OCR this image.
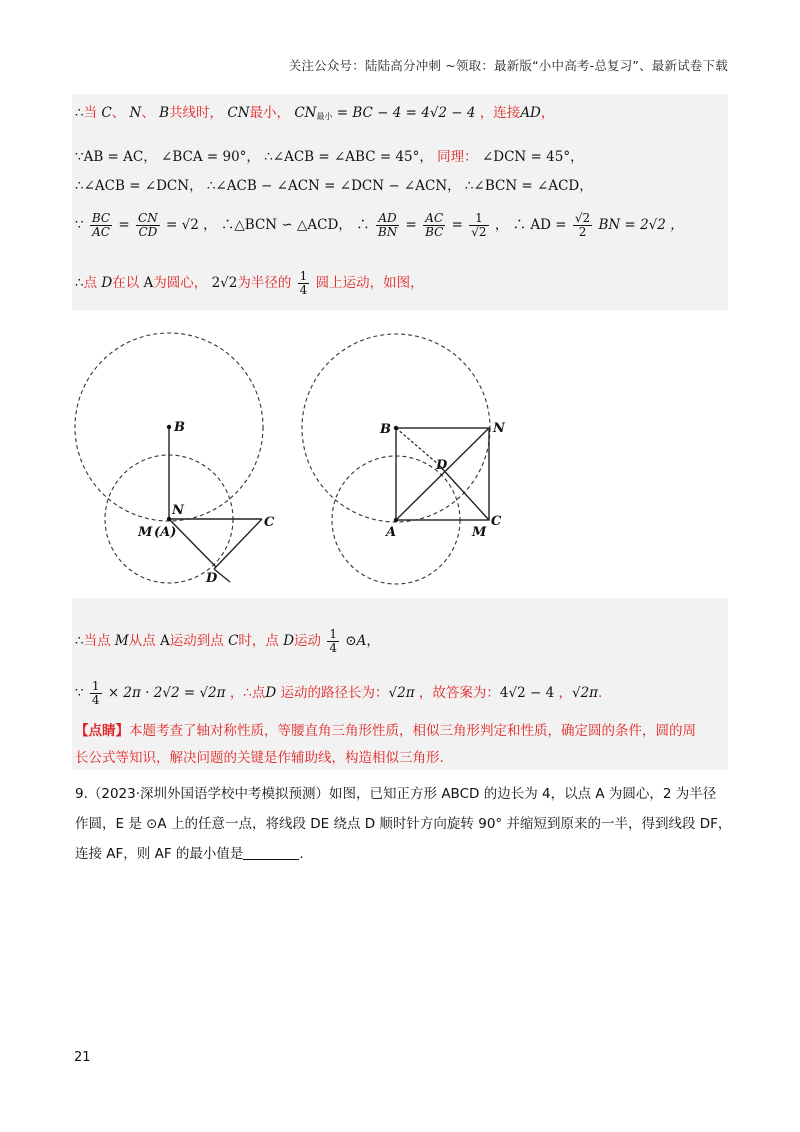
关注公众号：陆陆高分冲刺 ~领取：最新版“小中高考-总复习”、最新试卷下载
∴当 C、 N、 B共线时， CN最小， $CN_{最小}$ = BC − 4 = 4√2 − 4 ，连接AD，
∵AB = AC， ∠BCA = 90°， ∴∠ACB = ∠ABC = 45°， 同理： ∠DCN = 45°，
∴∠ACB = ∠DCN， ∴∠ACB − ∠ACN = ∠DCN − ∠ACN， ∴∠BCN = ∠ACD，
∵ $\frac{BC}{AC} = \frac{CN}{CD} = √2$ ， ∴△BCN ∽ △ACD， ∴ $\frac{AD}{BN} = \frac{AC}{BC} = \frac{1}{√2}$ ， ∴ AD = $\frac{√2}{2}$ BN = 2√2 ，
∴点 D在以 A为圆心， 2√2为半径的 $\frac{1}{4}$ 圆上运动，如图，
B
N
M (A)
C
D
B	N
D
A	M
C
∴当点 M从点 A运动到点 C时，点 D运动 $\frac{1}{4}$ ⊙A，
∵ $\frac{1}{4} \times 2\pi \cdot 2√2 = √2\pi$ ，∴点D 运动的路径长为：√2π ，故答案为：4√2 − 4 ，√2π.
【点睛】本题考查了轴对称性质，等腰直角三角形性质，相似三角形判定和性质，确定圆的条件，圆的周
长公式等知识，解决问题的关键是作辅助线，构造相似三角形.
9.（2023·深圳外国语学校中考模拟预测）如图，已知正方形 ABCD 的边长为 4，以点 A 为圆心，2 为半径
作圆，E 是 ⊙A 上的任意一点，将线段 DE 绕点 D 顺时针方向旋转 90° 并缩短到原来的一半，得到线段 DF，
连接 AF，则 AF 的最小值是	.
21
